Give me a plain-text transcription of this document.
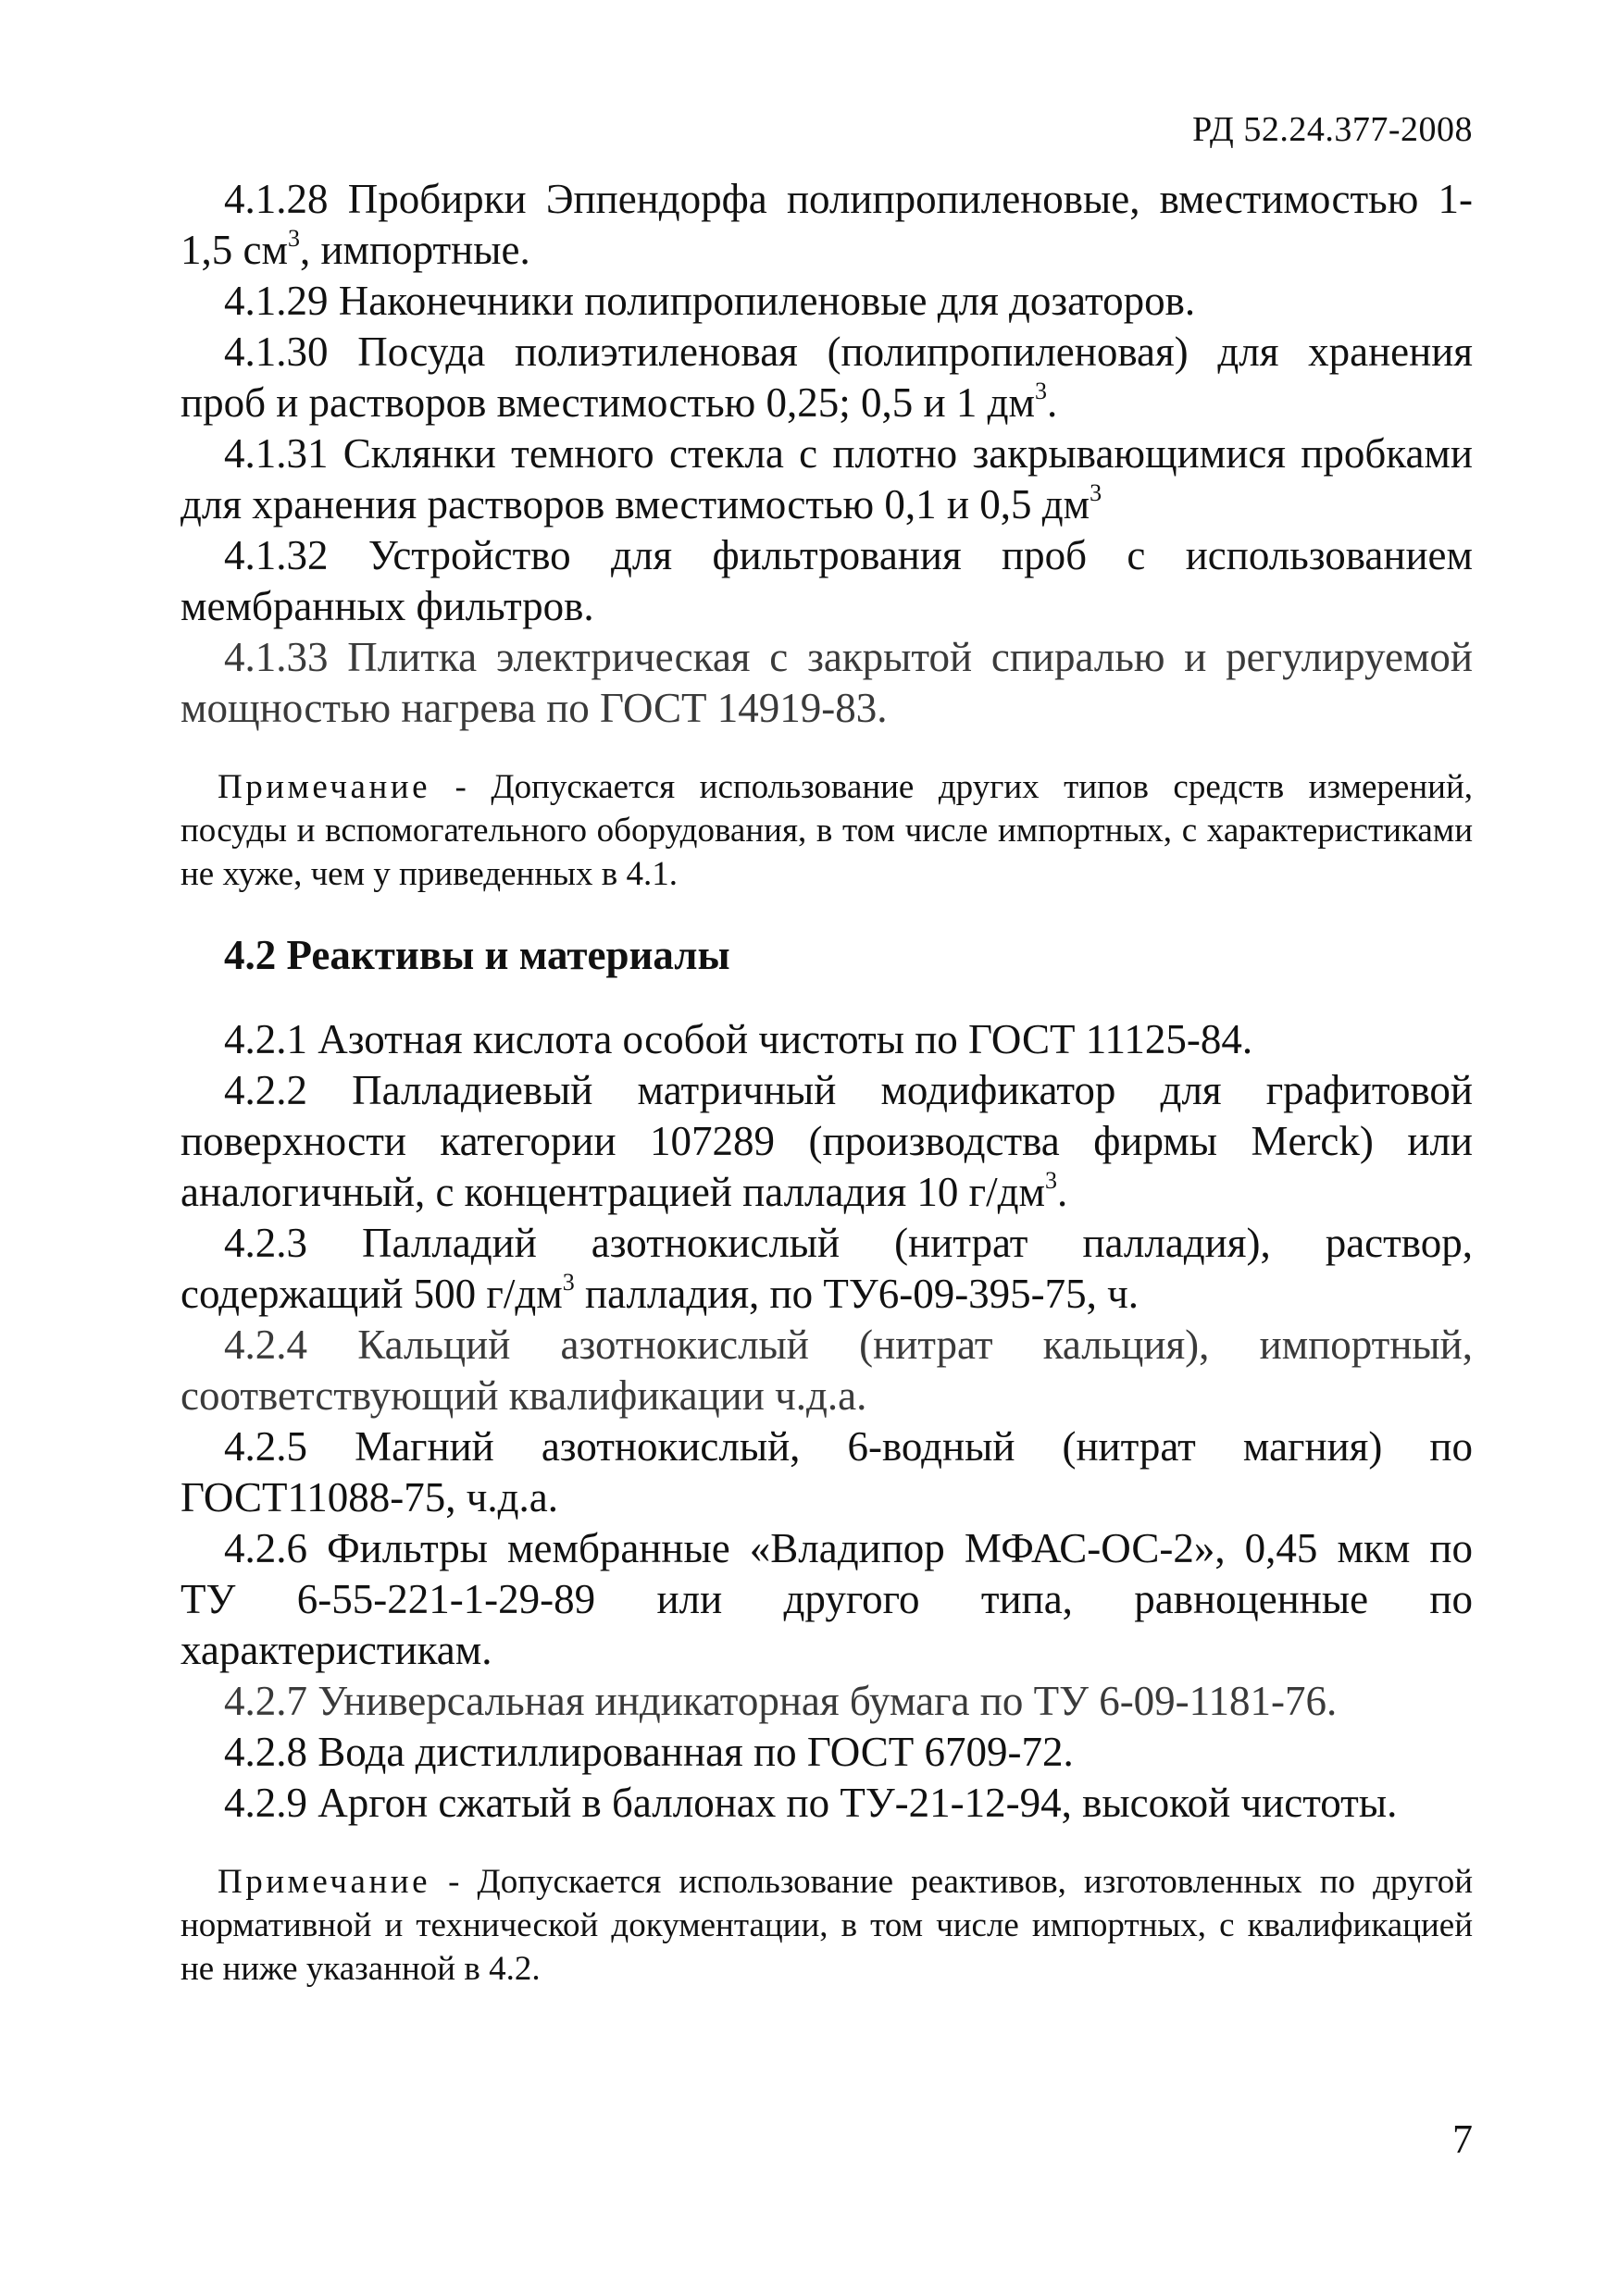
РД 52.24.377-2008

4.1.28 Пробирки Эппендорфа полипропиленовые, вместимостью 1-1,5 $см^3$, импортные.

4.1.29 Наконечники полипропиленовые для дозаторов.

4.1.30 Посуда полиэтиленовая (полипропиленовая) для хранения проб и растворов вместимостью 0,25; 0,5 и 1 $дм^3$.

4.1.31 Склянки темного стекла с плотно закрывающимися пробками для хранения растворов вместимостью 0,1 и 0,5 $дм^3$

4.1.32 Устройство для фильтрования проб с использованием мембранных фильтров.

4.1.33 Плитка электрическая с закрытой спиралью и регулируемой мощностью нагрева по ГОСТ 14919-83.

Примечание - Допускается использование других типов средств измерений, посуды и вспомогательного оборудования, в том числе импортных, с характеристиками не хуже, чем у приведенных в 4.1.

4.2 Реактивы и материалы

4.2.1 Азотная кислота особой чистоты по ГОСТ 11125-84.

4.2.2 Палладиевый матричный модификатор для графитовой поверхности категории 107289 (производства фирмы Merck) или аналогичный, с концентрацией палладия 10 $г/дм^3$.

4.2.3 Палладий азотнокислый (нитрат палладия), раствор, содержащий 500 $г/дм^3$ палладия, по ТУ6-09-395-75, ч.

4.2.4 Кальций азотнокислый (нитрат кальция), импортный, соответствующий квалификации ч.д.а.

4.2.5 Магний азотнокислый, 6-водный (нитрат магния) по ГОСТ11088-75, ч.д.а.

4.2.6 Фильтры мембранные «Владипор МФАС-ОС-2», 0,45 мкм по ТУ 6-55-221-1-29-89 или другого типа, равноценные по характеристикам.

4.2.7 Универсальная индикаторная бумага по ТУ 6-09-1181-76.

4.2.8 Вода дистиллированная по ГОСТ 6709-72.

4.2.9 Аргон сжатый в баллонах по ТУ-21-12-94, высокой чистоты.

Примечание - Допускается использование реактивов, изготовленных по другой нормативной и технической документации, в том числе импортных, с квалификацией не ниже указанной в 4.2.

7
